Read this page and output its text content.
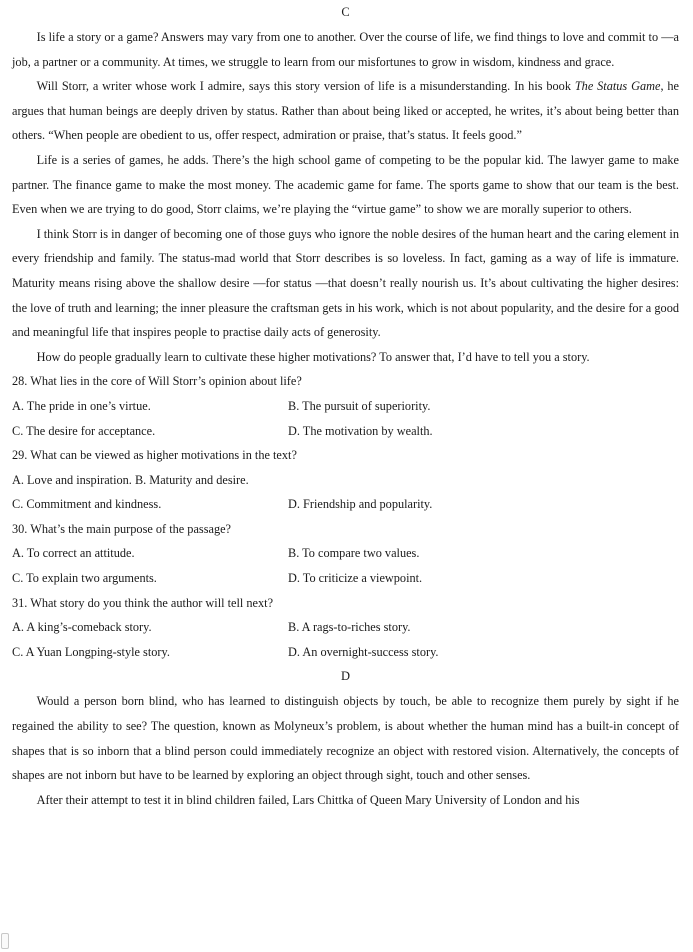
C

Is life a story or a game? Answers may vary from one to another. Over the course of life, we find things to love and commit to —a job, a partner or a community. At times, we struggle to learn from our misfortunes to grow in wisdom, kindness and grace.

Will Storr, a writer whose work I admire, says this story version of life is a misunderstanding. In his book The Status Game, he argues that human beings are deeply driven by status. Rather than about being liked or accepted, he writes, it’s about being better than others. “When people are obedient to us, offer respect, admiration or praise, that’s status. It feels good.”

Life is a series of games, he adds. There’s the high school game of competing to be the popular kid. The lawyer game to make partner. The finance game to make the most money. The academic game for fame. The sports game to show that our team is the best. Even when we are trying to do good, Storr claims, we’re playing the “virtue game” to show we are morally superior to others.

I think Storr is in danger of becoming one of those guys who ignore the noble desires of the human heart and the caring element in every friendship and family. The status-mad world that Storr describes is so loveless. In fact, gaming as a way of life is immature. Maturity means rising above the shallow desire —for status —that doesn’t really nourish us. It’s about cultivating the higher desires: the love of truth and learning; the inner pleasure the craftsman gets in his work, which is not about popularity, and the desire for a good and meaningful life that inspires people to practise daily acts of generosity.

How do people gradually learn to cultivate these higher motivations? To answer that, I’d have to tell you a story.

28. What lies in the core of Will Storr’s opinion about life?

A. The pride in one’s virtue.	B. The pursuit of superiority.
C. The desire for acceptance.	D. The motivation by wealth.

29. What can be viewed as higher motivations in the text?

A. Love and inspiration. B. Maturity and desire.

C. Commitment and kindness.	D. Friendship and popularity.

30. What’s the main purpose of the passage?

A. To correct an attitude.	B. To compare two values.
C. To explain two arguments.	D. To criticize a viewpoint.

31. What story do you think the author will tell next?

A. A king’s-comeback story.	B. A rags-to-riches story.
C. A Yuan Longping-style story.	D. An overnight-success story.
D

Would a person born blind, who has learned to distinguish objects by touch, be able to recognize them purely by sight if he regained the ability to see? The question, known as Molyneux’s problem, is about whether the human mind has a built-in concept of shapes that is so inborn that a blind person could immediately recognize an object with restored vision. Alternatively, the concepts of shapes are not inborn but have to be learned by exploring an object through sight, touch and other senses.

After their attempt to test it in blind children failed, Lars Chittka of Queen Mary University of London and his
